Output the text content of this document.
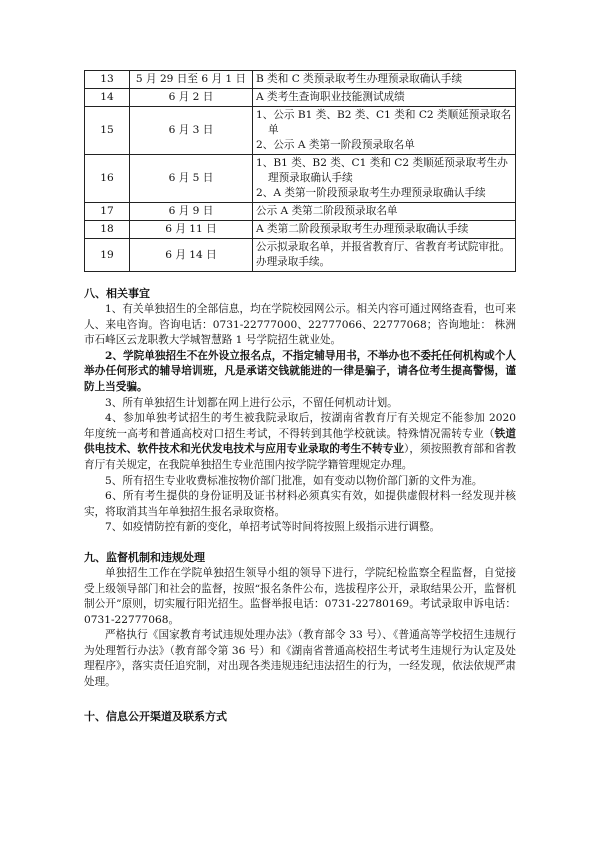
13	5 月 29 日至 6 月 1 日	B 类和 C 类预录取考生办理预录取确认手续

14	6 月 2 日	A 类考生查询职业技能测试成绩

15	6 月 3 日	1、公示 B1 类、B2 类、C1 类和 C2 类顺延预录取名单
2、公示 A 类第一阶段预录取名单

16	6 月 5 日	1、B1 类、B2 类、C1 类和 C2 类顺延预录取考生办理预录取确认手续
2、A 类第一阶段预录取考生办理预录取确认手续

17	6 月 9 日	公示 A 类第二阶段预录取名单

18	6 月 11 日	A 类第二阶段预录取考生办理预录取确认手续

19	6 月 14 日	公示拟录取名单，并报省教育厅、省教育考试院审批。办理录取手续。
八、相关事宜

1、有关单独招生的全部信息，均在学院校园网公示。相关内容可通过网络查看，也可来人、来电咨询。咨询电话：0731-22777000、22777066、22777068；咨询地址： 株洲市石峰区云龙职教大学城智慧路 1 号学院招生就业处。

2、学院单独招生不在外设立报名点，不指定辅导用书，不举办也不委托任何机构或个人举办任何形式的辅导培训班，凡是承诺交钱就能进的一律是骗子，请各位考生提高警惕，谨防上当受骗。

3、所有单独招生计划都在网上进行公示，不留任何机动计划。

4、参加单独考试招生的考生被我院录取后，按湖南省教育厅有关规定不能参加 2020 年度统一高考和普通高校对口招生考试，不得转到其他学校就读。特殊情况需转专业（铁道供电技术、软件技术和光伏发电技术与应用专业录取的考生不转专业），须按照教育部和省教育厅有关规定，在我院单独招生专业范围内按学院学籍管理规定办理。

5、所有招生专业收费标准按物价部门批准，如有变动以物价部门新的文件为准。

6、所有考生提供的身份证明及证书材料必须真实有效，如提供虚假材料一经发现并核实，将取消其当年单独招生报名录取资格。

7、如疫情防控有新的变化，单招考试等时间将按照上级指示进行调整。

九、监督机制和违规处理

单独招生工作在学院单独招生领导小组的领导下进行，学院纪检监察全程监督，自觉接受上级领导部门和社会的监督，按照“报名条件公布，选拔程序公开，录取结果公开，监督机制公开”原则，切实履行阳光招生。监督举报电话：0731-22780169。考试录取申诉电话：0731-22777068。

严格执行《国家教育考试违规处理办法》（教育部令 33 号）、《普通高等学校招生违规行为处理暂行办法》（教育部令第 36 号）和《湖南省普通高校招生考试考生违规行为认定及处理程序》，落实责任追究制，对出现各类违规违纪违法招生的行为，一经发现，依法依规严肃处理。

十、信息公开渠道及联系方式
